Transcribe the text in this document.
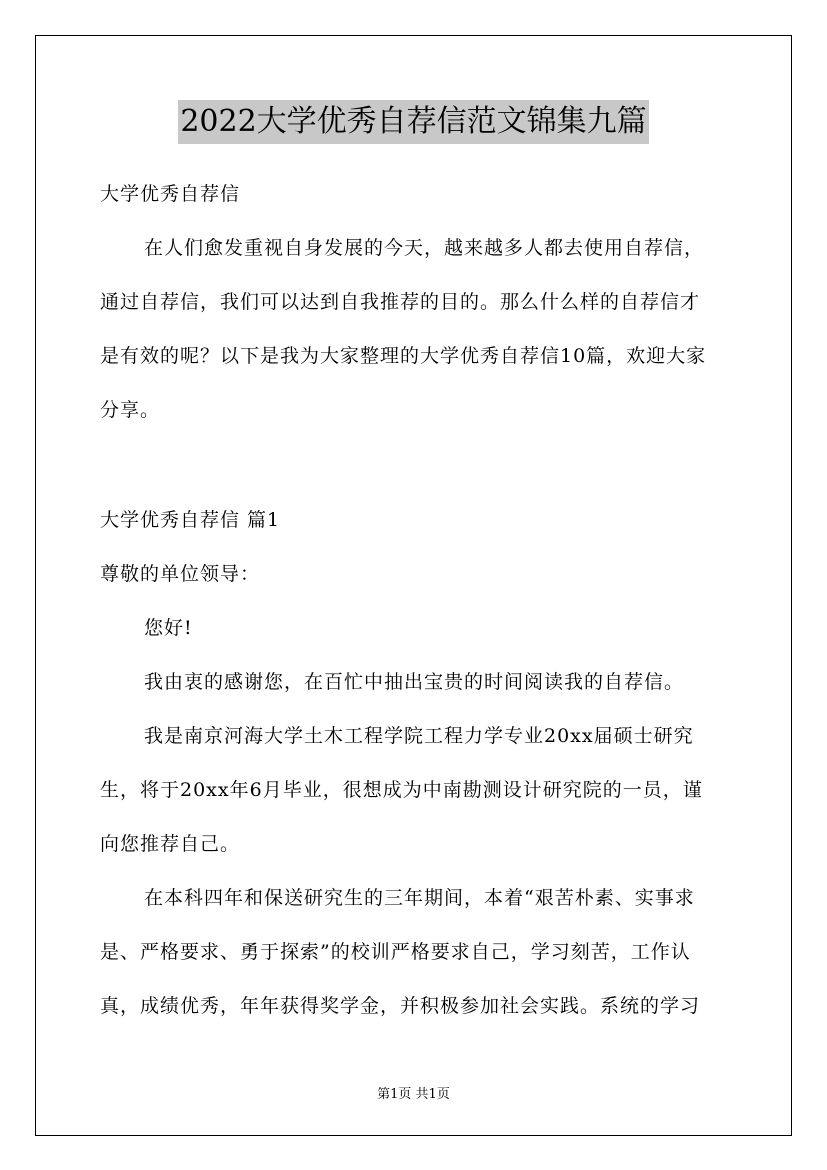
2022大学优秀自荐信范文锦集九篇
大学优秀自荐信
在人们愈发重视自身发展的今天，越来越多人都去使用自荐信，
通过自荐信，我们可以达到自我推荐的目的。那么什么样的自荐信才
是有效的呢？以下是我为大家整理的大学优秀自荐信10篇，欢迎大家
分享。
大学优秀自荐信 篇1
尊敬的单位领导：
您好!
我由衷的感谢您，在百忙中抽出宝贵的时间阅读我的自荐信。
我是南京河海大学土木工程学院工程力学专业20xx届硕士研究
生，将于20xx年6月毕业，很想成为中南勘测设计研究院的一员，谨
向您推荐自己。
在本科四年和保送研究生的三年期间，本着“艰苦朴素、实事求
是、严格要求、勇于探索”的校训严格要求自己，学习刻苦，工作认
真，成绩优秀，年年获得奖学金，并积极参加社会实践。系统的学习
第1页 共1页
